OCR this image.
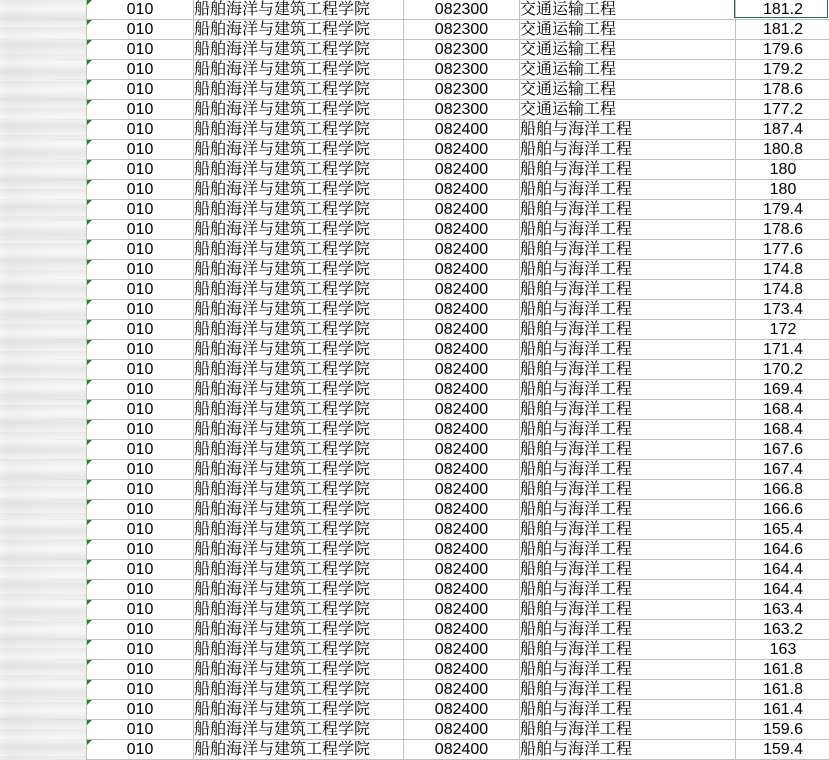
	010	船舶海洋与建筑工程学院	082300	交通运输工程	181.2
	010	船舶海洋与建筑工程学院	082300	交通运输工程	181.2
	010	船舶海洋与建筑工程学院	082300	交通运输工程	179.6
	010	船舶海洋与建筑工程学院	082300	交通运输工程	179.2
	010	船舶海洋与建筑工程学院	082300	交通运输工程	178.6
	010	船舶海洋与建筑工程学院	082300	交通运输工程	177.2
	010	船舶海洋与建筑工程学院	082400	船舶与海洋工程	187.4
	010	船舶海洋与建筑工程学院	082400	船舶与海洋工程	180.8
	010	船舶海洋与建筑工程学院	082400	船舶与海洋工程	180
	010	船舶海洋与建筑工程学院	082400	船舶与海洋工程	180
	010	船舶海洋与建筑工程学院	082400	船舶与海洋工程	179.4
	010	船舶海洋与建筑工程学院	082400	船舶与海洋工程	178.6
	010	船舶海洋与建筑工程学院	082400	船舶与海洋工程	177.6
	010	船舶海洋与建筑工程学院	082400	船舶与海洋工程	174.8
	010	船舶海洋与建筑工程学院	082400	船舶与海洋工程	174.8
	010	船舶海洋与建筑工程学院	082400	船舶与海洋工程	173.4
	010	船舶海洋与建筑工程学院	082400	船舶与海洋工程	172
	010	船舶海洋与建筑工程学院	082400	船舶与海洋工程	171.4
	010	船舶海洋与建筑工程学院	082400	船舶与海洋工程	170.2
	010	船舶海洋与建筑工程学院	082400	船舶与海洋工程	169.4
	010	船舶海洋与建筑工程学院	082400	船舶与海洋工程	168.4
	010	船舶海洋与建筑工程学院	082400	船舶与海洋工程	168.4
	010	船舶海洋与建筑工程学院	082400	船舶与海洋工程	167.6
	010	船舶海洋与建筑工程学院	082400	船舶与海洋工程	167.4
	010	船舶海洋与建筑工程学院	082400	船舶与海洋工程	166.8
	010	船舶海洋与建筑工程学院	082400	船舶与海洋工程	166.6
	010	船舶海洋与建筑工程学院	082400	船舶与海洋工程	165.4
	010	船舶海洋与建筑工程学院	082400	船舶与海洋工程	164.6
	010	船舶海洋与建筑工程学院	082400	船舶与海洋工程	164.4
	010	船舶海洋与建筑工程学院	082400	船舶与海洋工程	164.4
	010	船舶海洋与建筑工程学院	082400	船舶与海洋工程	163.4
	010	船舶海洋与建筑工程学院	082400	船舶与海洋工程	163.2
	010	船舶海洋与建筑工程学院	082400	船舶与海洋工程	163
	010	船舶海洋与建筑工程学院	082400	船舶与海洋工程	161.8
	010	船舶海洋与建筑工程学院	082400	船舶与海洋工程	161.8
	010	船舶海洋与建筑工程学院	082400	船舶与海洋工程	161.4
	010	船舶海洋与建筑工程学院	082400	船舶与海洋工程	159.6
	010	船舶海洋与建筑工程学院	082400	船舶与海洋工程	159.4
